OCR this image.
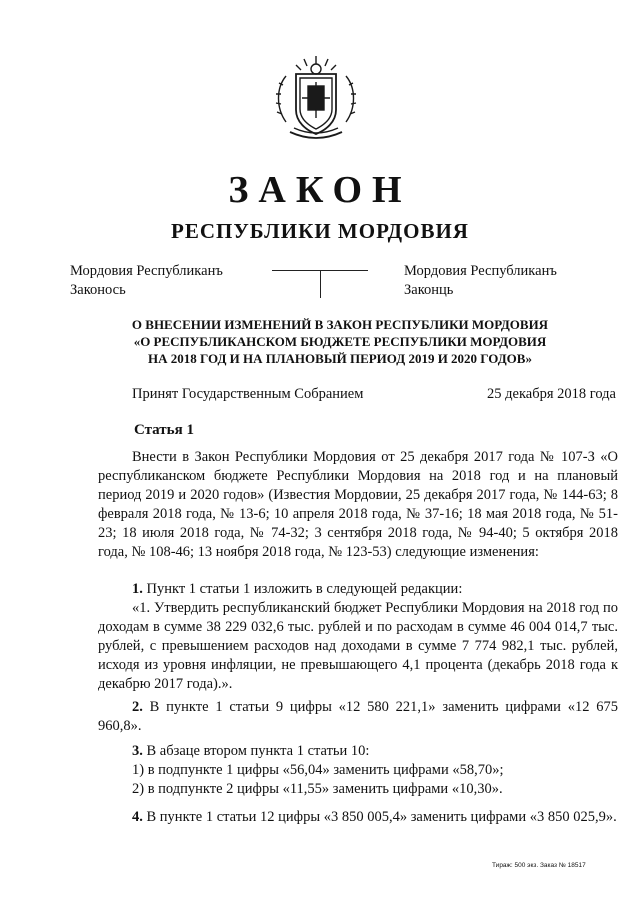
ЗАКОН
РЕСПУБЛИКИ МОРДОВИЯ
Мордовия Республиканъ
Законось
Мордовия Республиканъ
Законць
О ВНЕСЕНИИ ИЗМЕНЕНИЙ В ЗАКОН РЕСПУБЛИКИ МОРДОВИЯ
«О РЕСПУБЛИКАНСКОМ БЮДЖЕТЕ РЕСПУБЛИКИ МОРДОВИЯ
НА 2018 ГОД И НА ПЛАНОВЫЙ ПЕРИОД 2019 И 2020 ГОДОВ»
Принят Государственным Собранием	25 декабря 2018 года
Статья 1
Внести в Закон Республики Мордовия от 25 декабря 2017 года № 107-З «О республиканском бюджете Республики Мордовия на 2018 год и на плановый период 2019 и 2020 годов» (Известия Мордовии, 25 декабря 2017 года, № 144-63; 8 февраля 2018 года, № 13-6; 10 апреля 2018 года, № 37-16; 18 мая 2018 года, № 51-23; 18 июля 2018 года, № 74-32; 3 сентября 2018 года, № 94-40; 5 октября 2018 года, № 108-46; 13 ноября 2018 года, № 123-53) следующие изменения:
1. Пункт 1 статьи 1 изложить в следующей редакции:
«1. Утвердить республиканский бюджет Республики Мордовия на 2018 год по доходам в сумме 38 229 032,6 тыс. рублей и по расходам в сумме 46 004 014,7 тыс. рублей, с превышением расходов над доходами в сумме 7 774 982,1 тыс. рублей, исходя из уровня инфляции, не превышающего 4,1 процента (декабрь 2018 года к декабрю 2017 года).».
2. В пункте 1 статьи 9 цифры «12 580 221,1» заменить цифрами «12 675 960,8».
3. В абзаце втором пункта 1 статьи 10:
1) в подпункте 1 цифры «56,04» заменить цифрами «58,70»;
2) в подпункте 2 цифры «11,55» заменить цифрами «10,30».
4. В пункте 1 статьи 12 цифры «3 850 005,4» заменить цифрами «3 850 025,9».
Тираж: 500 экз. Заказ № 18517
